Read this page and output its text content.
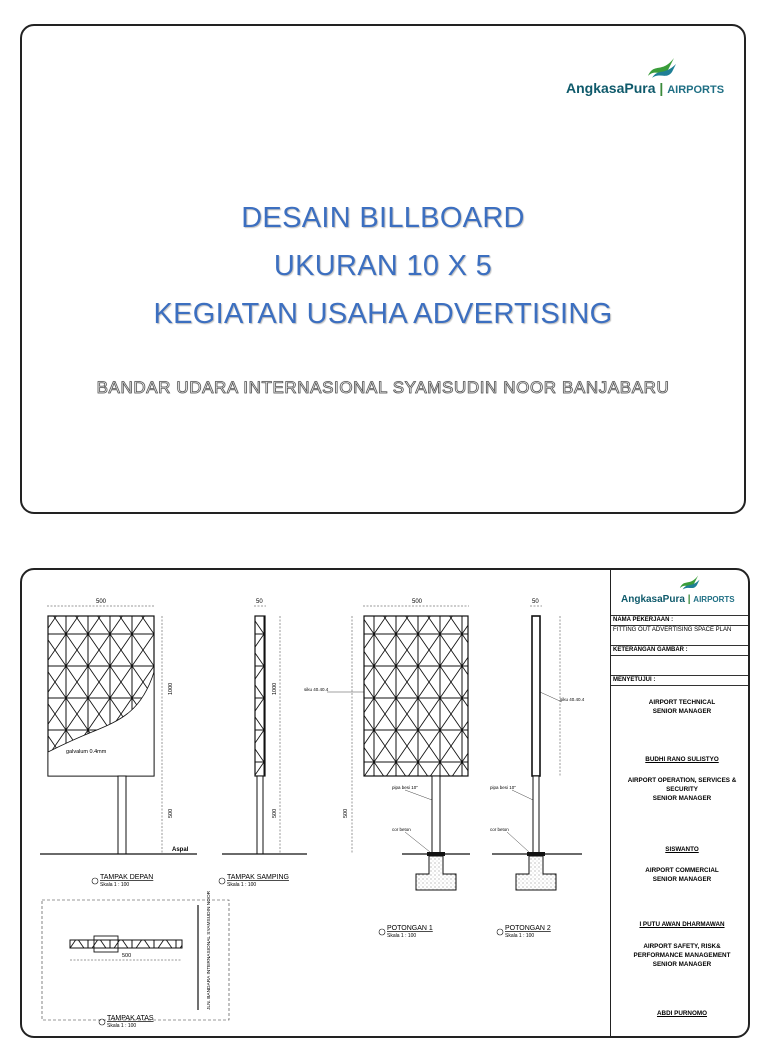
AngkasaPura | AIRPORTS
DESAIN BILLBOARD
UKURAN 10 X 5
KEGIATAN USAHA ADVERTISING
BANDAR UDARA INTERNASIONAL SYAMSUDIN NOOR BANJABARU
500
galvalum 0.4mm
Aspal
1000
500
TAMPAK DEPAN
Skala 1 : 100
50
1000
500
TAMPAK SAMPING
Skala 1 : 100
500
siku 40.40.4
pipa besi 10"
cor beton
500
POTONGAN 1
Skala 1 : 100
50
siku 40.40.4
pipa besi 10"
cor beton
POTONGAN 2
Skala 1 : 100
500	JLN. BANDARA INTERNASIONAL SYAMSUDIN NOOR
TAMPAK ATAS
Skala 1 : 100
AngkasaPura | AIRPORTS
NAMA PEKERJAAN :
FITTING OUT ADVERTISING SPACE PLAN
KETERANGAN GAMBAR :
MENYETUJUI :
AIRPORT TECHNICAL
SENIOR MANAGER
BUDHI RANO SULISTYO
AIRPORT OPERATION, SERVICES &
SECURITY
SENIOR MANAGER
SISWANTO
AIRPORT COMMERCIAL
SENIOR MANAGER
I PUTU AWAN DHARMAWAN
AIRPORT SAFETY, RISK&
PERFORMANCE MANAGEMENT
SENIOR MANAGER
ABDI PURNOMO
